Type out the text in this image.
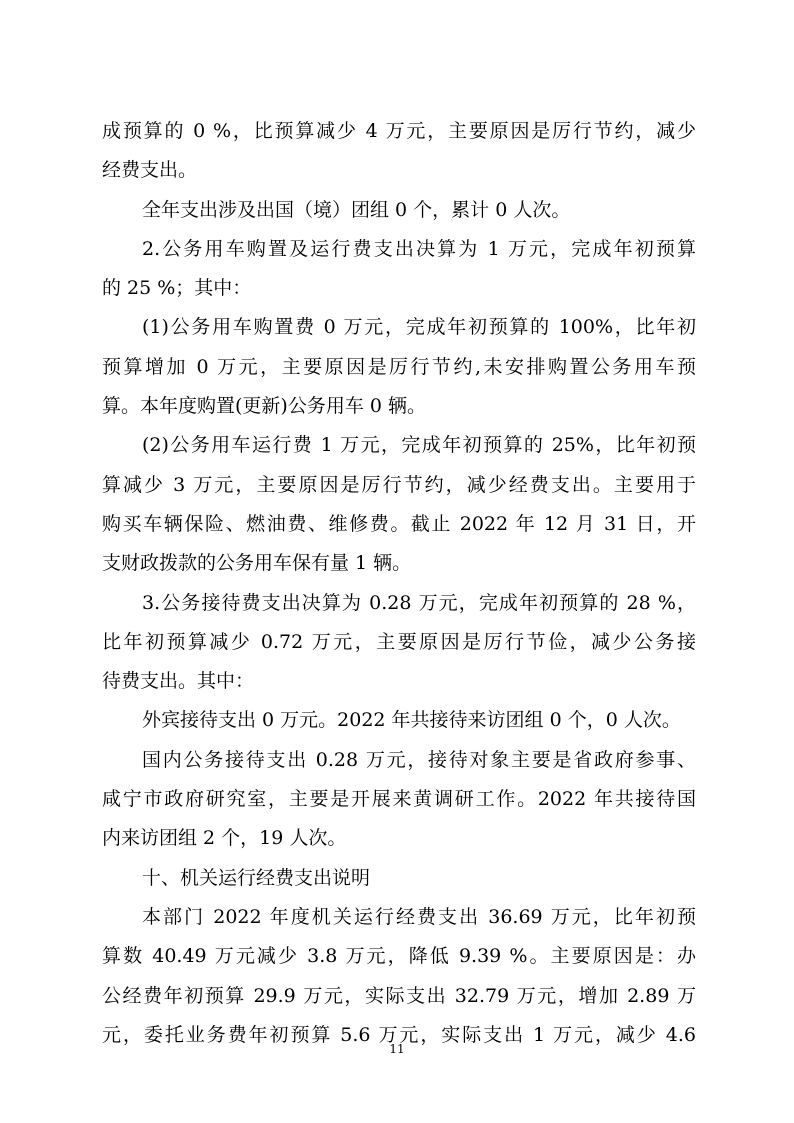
成预算的 0 %，比预算减少 4 万元，主要原因是厉行节约，减少
经费支出。
全年支出涉及出国（境）团组 0 个，累计 0 人次。
2.公务用车购置及运行费支出决算为 1 万元，完成年初预算
的 25 %；其中：
(1)公务用车购置费 0 万元，完成年初预算的 100%，比年初
预算增加 0 万元，主要原因是厉行节约,未安排购置公务用车预
算。本年度购置(更新)公务用车 0 辆。
(2)公务用车运行费 1 万元，完成年初预算的 25%，比年初预
算减少 3 万元，主要原因是厉行节约，减少经费支出。主要用于
购买车辆保险、燃油费、维修费。截止 2022 年 12 月 31 日，开
支财政拨款的公务用车保有量 1 辆。
3.公务接待费支出决算为 0.28 万元，完成年初预算的 28 %，
比年初预算减少 0.72 万元，主要原因是厉行节俭，减少公务接
待费支出。其中：
外宾接待支出 0 万元。2022 年共接待来访团组 0 个，0 人次。
国内公务接待支出 0.28 万元，接待对象主要是省政府参事、
咸宁市政府研究室，主要是开展来黄调研工作。2022 年共接待国
内来访团组 2 个，19 人次。
十、机关运行经费支出说明
本部门 2022 年度机关运行经费支出 36.69 万元，比年初预
算数 40.49 万元减少 3.8 万元，降低 9.39 %。主要原因是：办
公经费年初预算 29.9 万元，实际支出 32.79 万元，增加 2.89 万
元，委托业务费年初预算 5.6 万元，实际支出 1 万元，减少 4.6
11
